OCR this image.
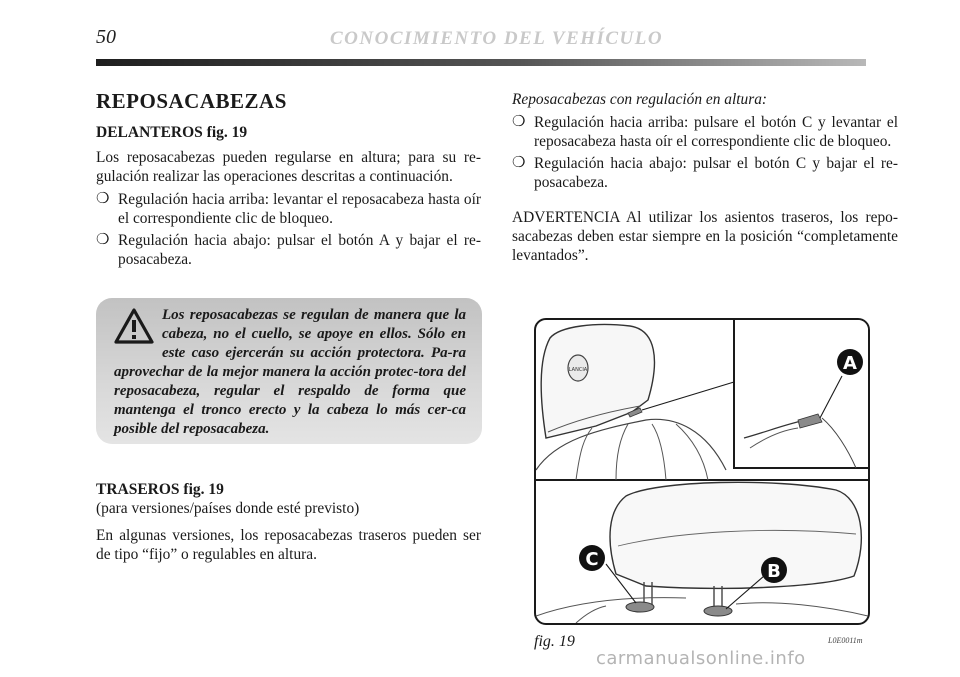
50	CONOCIMIENTO DEL VEHÍCULO
REPOSACABEZAS
DELANTEROS fig. 19
Los reposacabezas pueden regularse en altura; para su re-gulación realizar las operaciones descritas a continuación.
❍ Regulación hacia arriba: levantar el reposacabeza hasta oír el correspondiente clic de bloqueo.
❍ Regulación hacia abajo: pulsar el botón A y bajar el re-posacabeza.
Los reposacabezas se regulan de manera que la cabeza, no el cuello, se apoye en ellos. Sólo en este caso ejercerán su acción protectora. Pa-ra aprovechar de la mejor manera la acción protec-tora del reposacabeza, regular el respaldo de forma que mantenga el tronco erecto y la cabeza lo más cer-ca posible del reposacabeza.
TRASEROS fig. 19
(para versiones/países donde esté previsto)
En algunas versiones, los reposacabezas traseros pueden ser de tipo “fijo” o regulables en altura.
Reposacabezas con regulación en altura:
❍ Regulación hacia arriba: pulsare el botón C y levantar el reposacabeza hasta oír el correspondiente clic de bloqueo.
❍ Regulación hacia abajo: pulsar el botón C y bajar el re-posacabeza.
ADVERTENCIA Al utilizar los asientos traseros, los repo-sacabezas deben estar siempre en la posición “completamente levantados”.
LANCIA	A
C
B
fig. 19	L0E0011m
carmanualsonline.info
